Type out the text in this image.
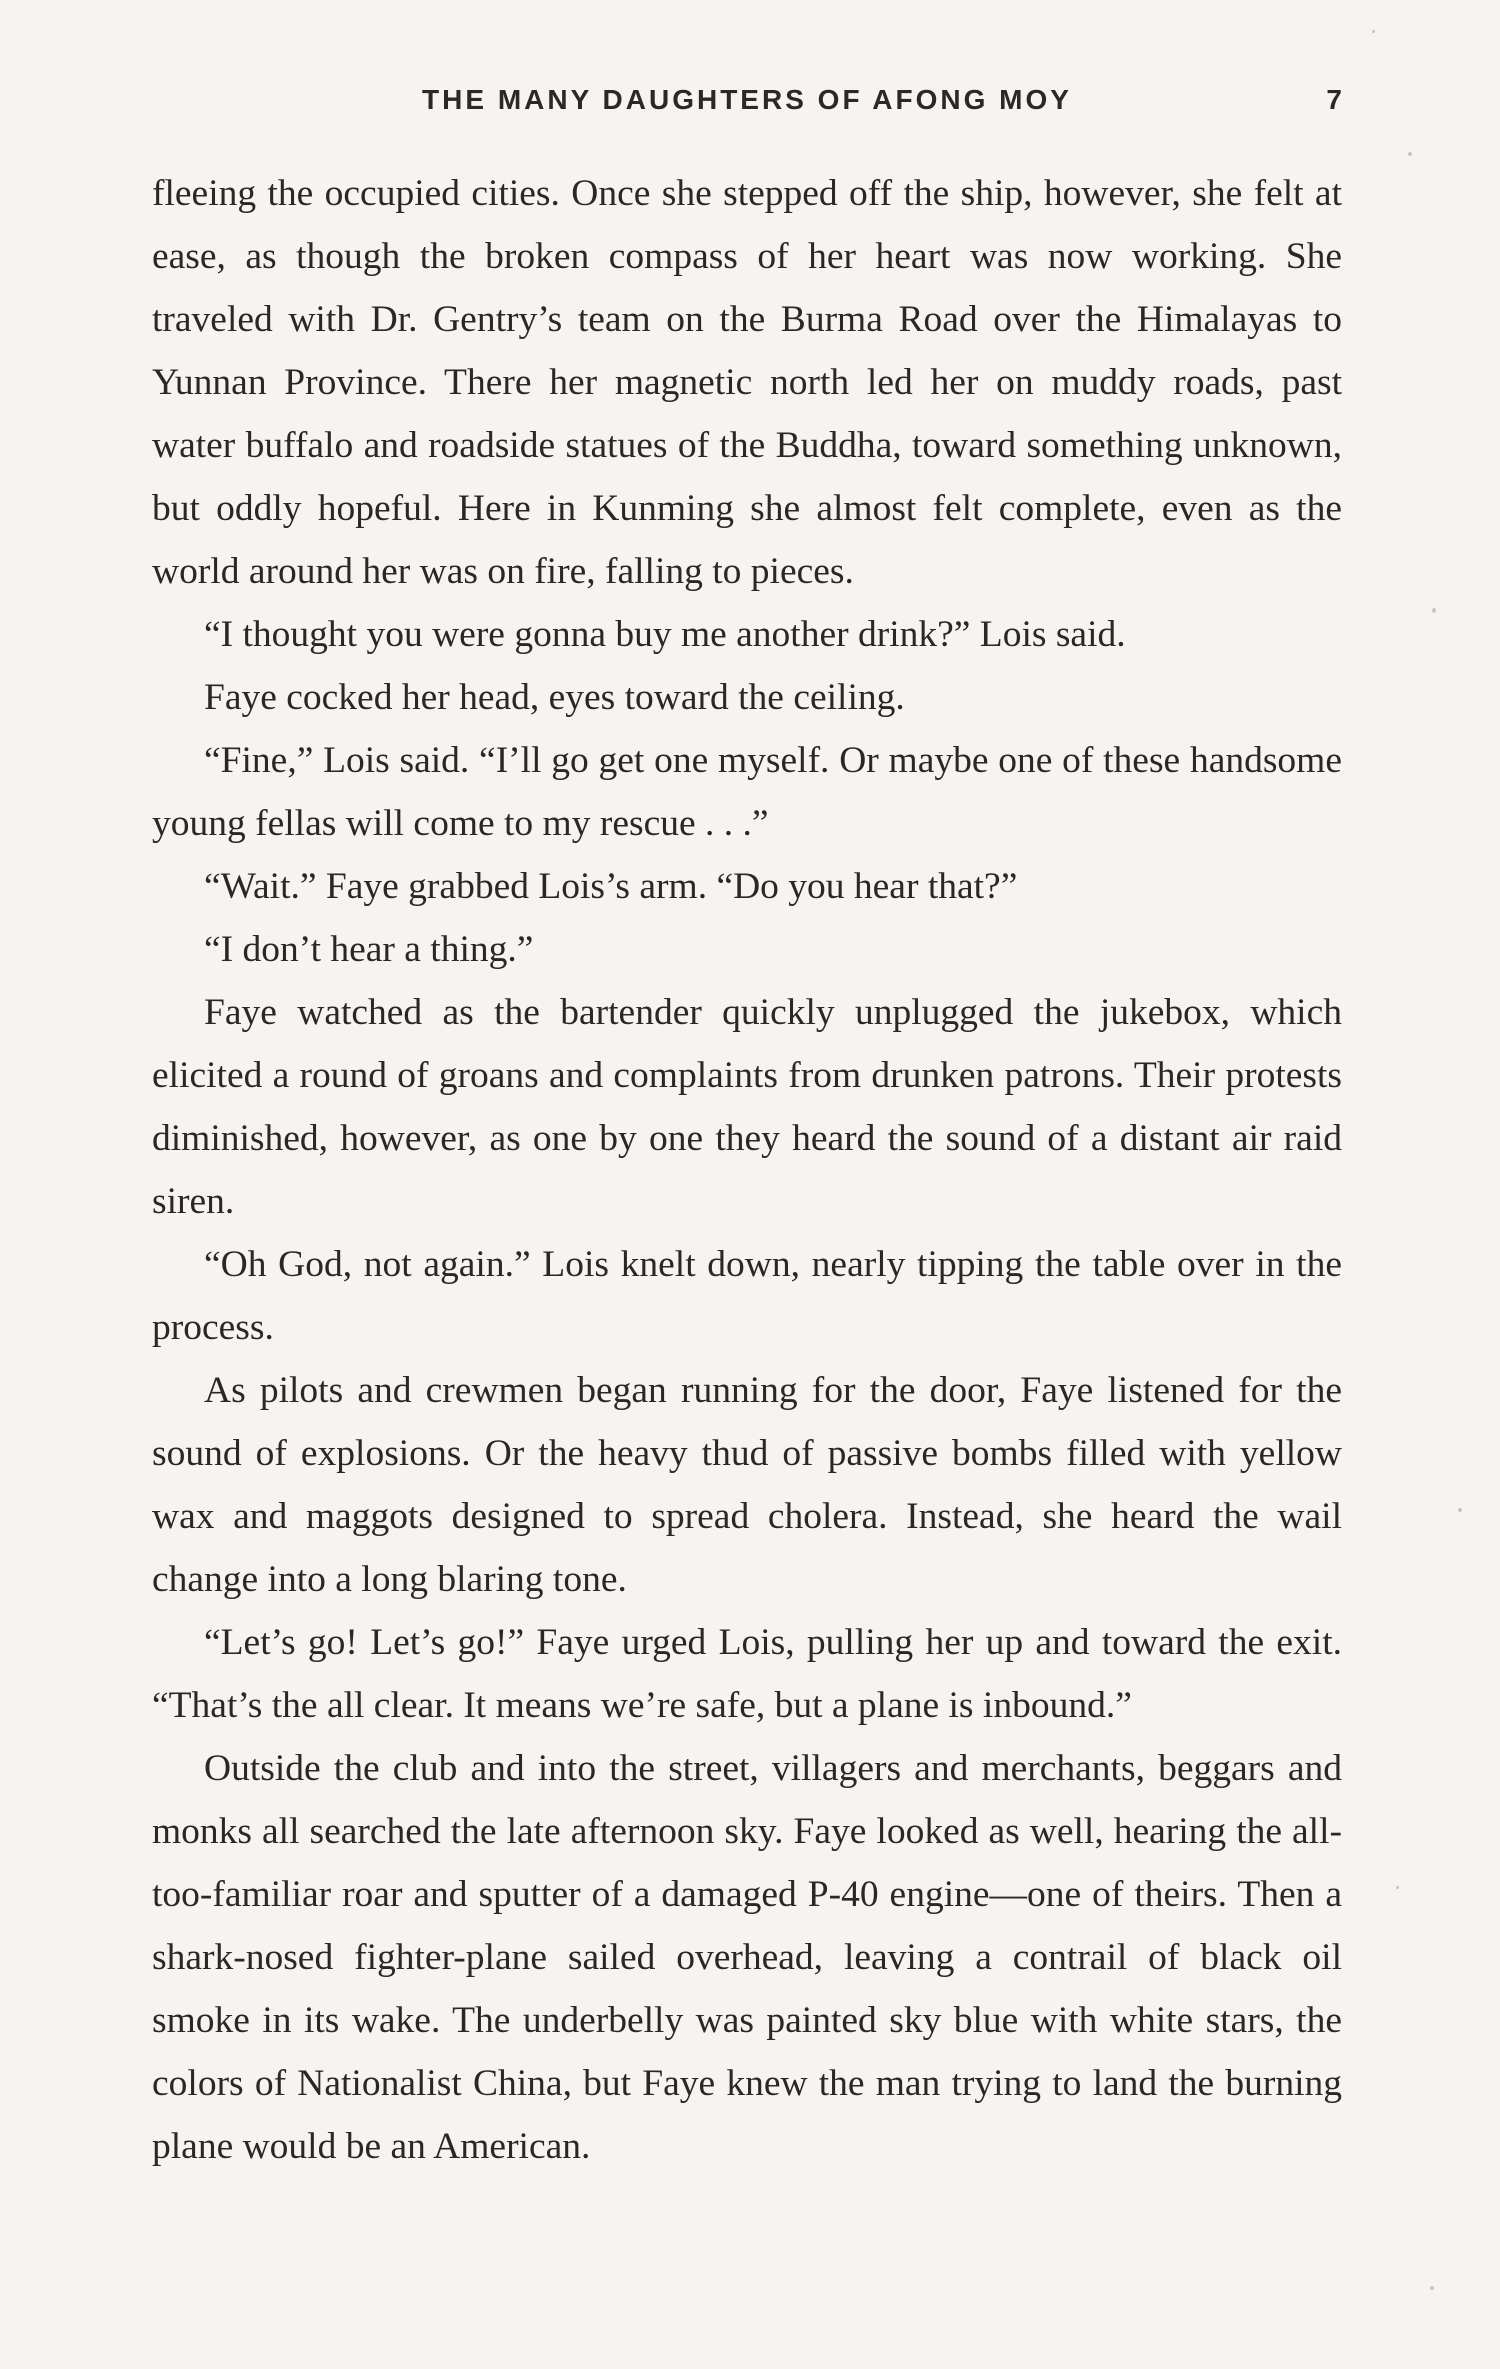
THE MANY DAUGHTERS OF AFONG MOY	7

fleeing the occupied cities. Once she stepped off the ship, however, she felt at ease, as though the broken compass of her heart was now working. She traveled with Dr. Gentry’s team on the Burma Road over the Himalayas to Yunnan Province. There her magnetic north led her on muddy roads, past water buffalo and roadside statues of the Buddha, toward something unknown, but oddly hopeful. Here in Kunming she almost felt complete, even as the world around her was on fire, falling to pieces.

“I thought you were gonna buy me another drink?” Lois said.

Faye cocked her head, eyes toward the ceiling.

“Fine,” Lois said. “I’ll go get one myself. Or maybe one of these handsome young fellas will come to my rescue . . .”

“Wait.” Faye grabbed Lois’s arm. “Do you hear that?”

“I don’t hear a thing.”

Faye watched as the bartender quickly unplugged the jukebox, which elicited a round of groans and complaints from drunken patrons. Their protests diminished, however, as one by one they heard the sound of a distant air raid siren.

“Oh God, not again.” Lois knelt down, nearly tipping the table over in the process.

As pilots and crewmen began running for the door, Faye listened for the sound of explosions. Or the heavy thud of passive bombs filled with yellow wax and maggots designed to spread cholera. Instead, she heard the wail change into a long blaring tone.

“Let’s go! Let’s go!” Faye urged Lois, pulling her up and toward the exit. “That’s the all clear. It means we’re safe, but a plane is inbound.”

Outside the club and into the street, villagers and merchants, beggars and monks all searched the late afternoon sky. Faye looked as well, hearing the all-too-familiar roar and sputter of a damaged P-40 engine—one of theirs. Then a shark-nosed fighter-plane sailed overhead, leaving a contrail of black oil smoke in its wake. The underbelly was painted sky blue with white stars, the colors of Nationalist China, but Faye knew the man trying to land the burning plane would be an American.
